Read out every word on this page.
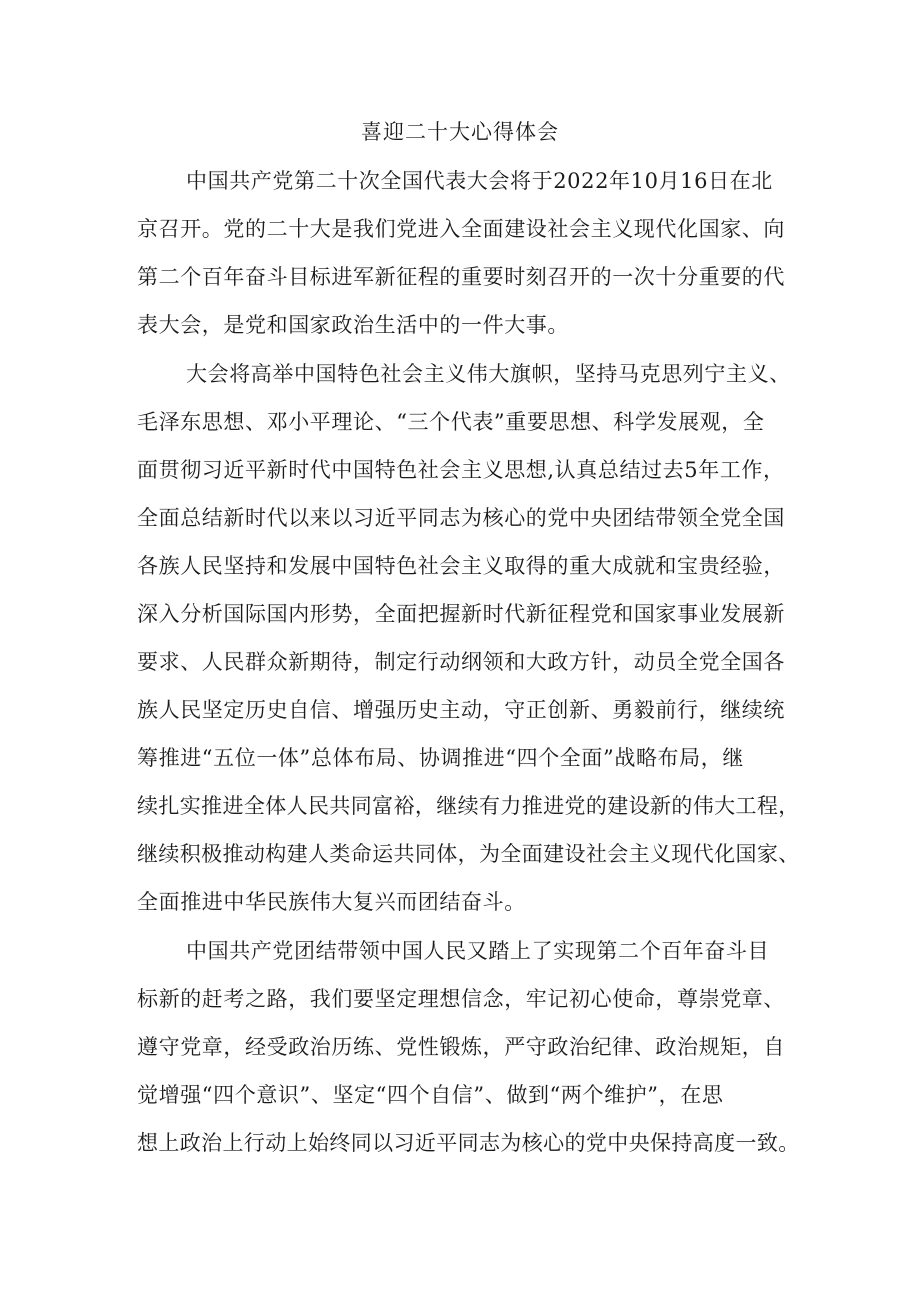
喜迎二十大心得体会
中国共产党第二十次全国代表大会将于2022年10月16日在北
京召开。党的二十大是我们党进入全面建设社会主义现代化国家、向
第二个百年奋斗目标进军新征程的重要时刻召开的一次十分重要的代
表大会，是党和国家政治生活中的一件大事。
大会将高举中国特色社会主义伟大旗帜，坚持马克思列宁主义、
毛泽东思想、邓小平理论、“三个代表”重要思想、科学发展观，全
面贯彻习近平新时代中国特色社会主义思想,认真总结过去5年工作，
全面总结新时代以来以习近平同志为核心的党中央团结带领全党全国
各族人民坚持和发展中国特色社会主义取得的重大成就和宝贵经验，
深入分析国际国内形势，全面把握新时代新征程党和国家事业发展新
要求、人民群众新期待，制定行动纲领和大政方针，动员全党全国各
族人民坚定历史自信、增强历史主动，守正创新、勇毅前行，继续统
筹推进“五位一体”总体布局、协调推进“四个全面”战略布局，继
续扎实推进全体人民共同富裕，继续有力推进党的建设新的伟大工程，
继续积极推动构建人类命运共同体，为全面建设社会主义现代化国家、
全面推进中华民族伟大复兴而团结奋斗。
中国共产党团结带领中国人民又踏上了实现第二个百年奋斗目
标新的赶考之路，我们要坚定理想信念，牢记初心使命，尊崇党章、
遵守党章，经受政治历练、党性锻炼，严守政治纪律、政治规矩，自
觉增强“四个意识”、坚定“四个自信”、做到“两个维护”，在思
想上政治上行动上始终同以习近平同志为核心的党中央保持高度一致。
